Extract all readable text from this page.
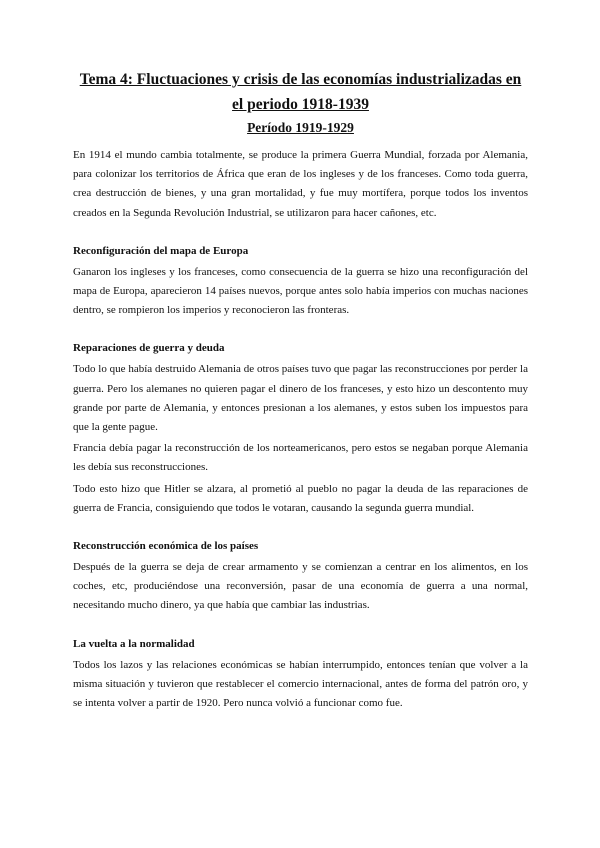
Tema 4: Fluctuaciones y crisis de las economías industrializadas en el periodo 1918-1939
Período 1919-1929

En 1914 el mundo cambia totalmente, se produce la primera Guerra Mundial, forzada por Alemania, para colonizar los territorios de África que eran de los ingleses y de los franceses. Como toda guerra, crea destrucción de bienes, y una gran mortalidad, y fue muy mortífera, porque todos los inventos creados en la Segunda Revolución Industrial, se utilizaron para hacer cañones, etc.

Reconfiguración del mapa de Europa

Ganaron los ingleses y los franceses, como consecuencia de la guerra se hizo una reconfiguración del mapa de Europa, aparecieron 14 países nuevos, porque antes solo había imperios con muchas naciones dentro, se rompieron los imperios y reconocieron las fronteras.

Reparaciones de guerra y deuda

Todo lo que había destruido Alemania de otros países tuvo que pagar las reconstrucciones por perder la guerra. Pero los alemanes no quieren pagar el dinero de los franceses, y esto hizo un descontento muy grande por parte de Alemania, y entonces presionan a los alemanes, y estos suben los impuestos para que la gente pague.

Francia debía pagar la reconstrucción de los norteamericanos, pero estos se negaban porque Alemania les debía sus reconstrucciones.

Todo esto hizo que Hitler se alzara, al prometió al pueblo no pagar la deuda de las reparaciones de guerra de Francia, consiguiendo que todos le votaran, causando la segunda guerra mundial.

Reconstrucción económica de los países

Después de la guerra se deja de crear armamento y se comienzan a centrar en los alimentos, en los coches, etc, produciéndose una reconversión, pasar de una economía de guerra a una normal, necesitando mucho dinero, ya que había que cambiar las industrias.

La vuelta a la normalidad

Todos los lazos y las relaciones económicas se habían interrumpido, entonces tenían que volver a la misma situación y tuvieron que restablecer el comercio internacional, antes de forma del patrón oro, y se intenta volver a partir de 1920. Pero nunca volvió a funcionar como fue.
